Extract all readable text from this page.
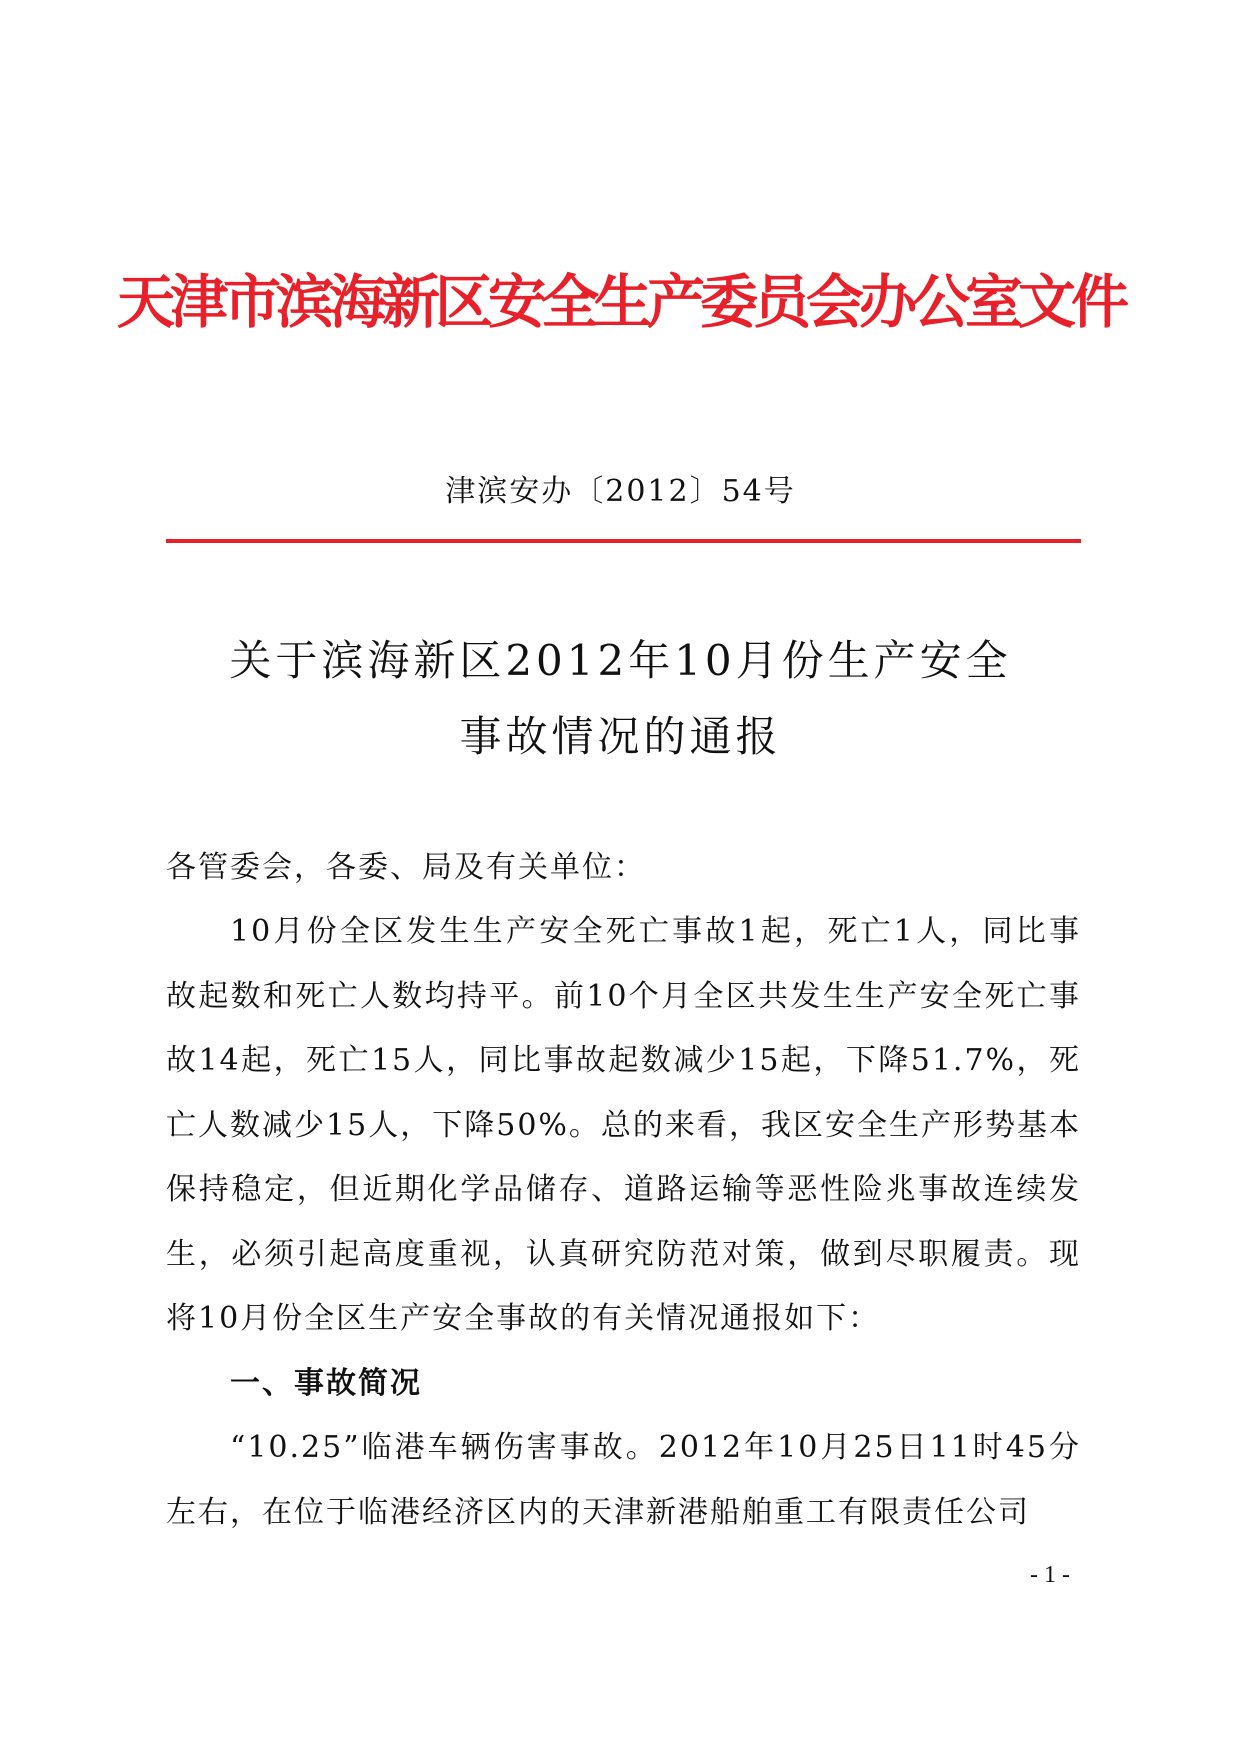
天津市滨海新区安全生产委员会办公室文件
津滨安办〔2012〕54号
关于滨海新区2012年10月份生产安全
事故情况的通报

各管委会，各委、局及有关单位：

10月份全区发生生产安全死亡事故1起，死亡1人，同比事故起数和死亡人数均持平。前10个月全区共发生生产安全死亡事故14起，死亡15人，同比事故起数减少15起，下降51.7%，死亡人数减少15人，下降50%。总的来看，我区安全生产形势基本保持稳定，但近期化学品储存、道路运输等恶性险兆事故连续发生，必须引起高度重视，认真研究防范对策，做到尽职履责。现将10月份全区生产安全事故的有关情况通报如下：

一、事故简况

“10.25”临港车辆伤害事故。2012年10月25日11时45分左右，在位于临港经济区内的天津新港船舶重工有限责任公司

- 1 -
